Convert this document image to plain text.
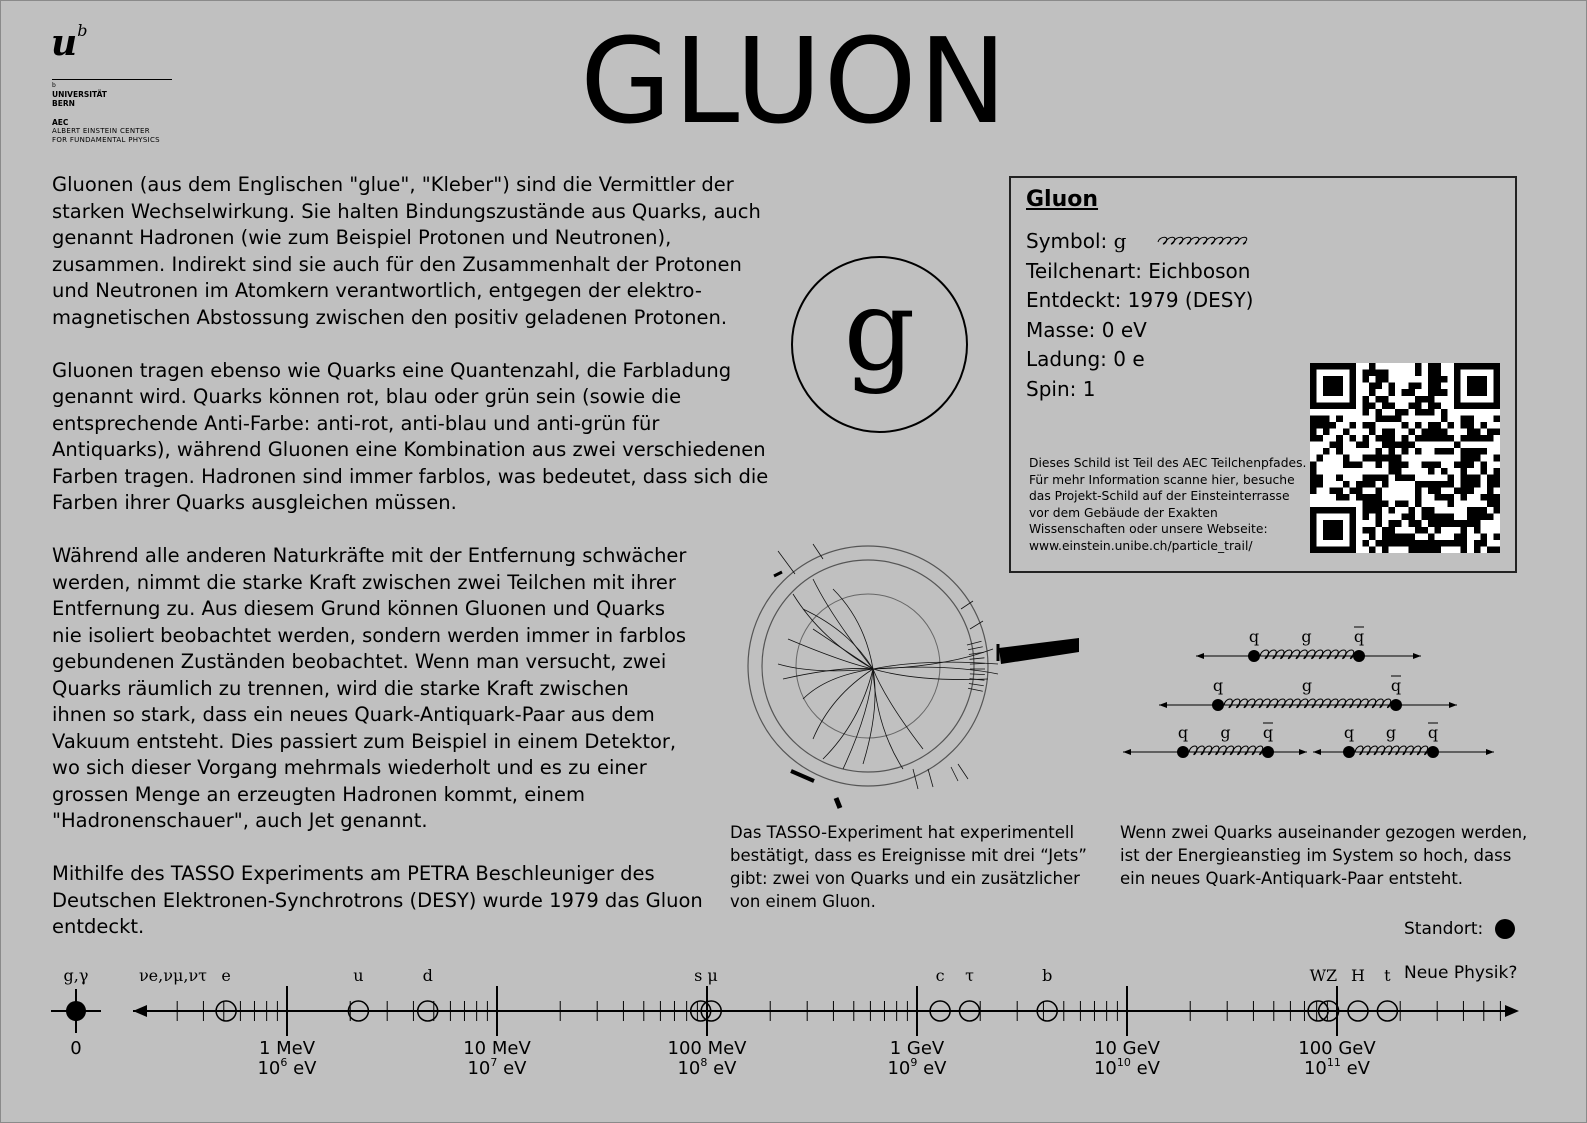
$u^b$
b
UNIVERSITÄT
BERN
AEC
ALBERT EINSTEIN CENTER
FOR FUNDAMENTAL PHYSICS	GLUON

Gluonen (aus dem Englischen "glue", "Kleber") sind die Vermittler der
starken Wechselwirkung. Sie halten Bindungszustände aus Quarks, auch
genannt Hadronen (wie zum Beispiel Protonen und Neutronen),
zusammen. Indirekt sind sie auch für den Zusammenhalt der Protonen
und Neutronen im Atomkern verantwortlich, entgegen der elektro-
magnetischen Abstossung zwischen den positiv geladenen Protonen.

Gluonen tragen ebenso wie Quarks eine Quantenzahl, die Farbladung
genannt wird. Quarks können rot, blau oder grün sein (sowie die
entsprechende Anti-Farbe: anti-rot, anti-blau und anti-grün für
Antiquarks), während Gluonen eine Kombination aus zwei verschiedenen
Farben tragen. Hadronen sind immer farblos, was bedeutet, dass sich die
Farben ihrer Quarks ausgleichen müssen.

Während alle anderen Naturkräfte mit der Entfernung schwächer
werden, nimmt die starke Kraft zwischen zwei Teilchen mit ihrer
Entfernung zu. Aus diesem Grund können Gluonen und Quarks
nie isoliert beobachtet werden, sondern werden immer in farblos
gebundenen Zuständen beobachtet. Wenn man versucht, zwei
Quarks räumlich zu trennen, wird die starke Kraft zwischen
ihnen so stark, dass ein neues Quark-Antiquark-Paar aus dem
Vakuum entsteht. Dies passiert zum Beispiel in einem Detektor,
wo sich dieser Vorgang mehrmals wiederholt und es zu einer
grossen Menge an erzeugten Hadronen kommt, einem
"Hadronenschauer", auch Jet genannt.

Mithilfe des TASSO Experiments am PETRA Beschleuniger des
Deutschen Elektronen-Synchrotrons (DESY) wurde 1979 das Gluon
entdeckt.

g
Gluon
Symbol: g
Teilchenart: Eichboson
Entdeckt: 1979 (DESY)
Masse: 0 eV
Ladung: 0 e
Spin: 1
Dieses Schild ist Teil des AEC Teilchenpfades.
Für mehr Information scanne hier, besuche
das Projekt-Schild auf der Einsteinterrasse
vor dem Gebäude der Exakten
Wissenschaften oder unsere Webseite:
www.einstein.unibe.ch/particle_trail/
Das TASSO-Experiment hat experimentell bestätigt, dass es Ereignisse mit drei “Jets” gibt: zwei von Quarks und ein zusätzlicher von einem Gluon.
q	g	q
q	g	q
q g q	q g q
Wenn zwei Quarks auseinander gezogen werden, ist der Energieanstieg im System so hoch, dass ein neues Quark-Antiquark-Paar entsteht.
Standort:
Neue Physik?
0
g,γ	νe,νμ,ντ
1 MeV
$10^6$ eV
10 MeV
$10^7$ eV
100 MeV
$10^8$ eV
1 GeV
$10^9$ eV
10 GeV
$10^{10}$ eV
100 GeV
$10^{11}$ eV
e	u	d	s μ	c τ	b	WZ H t
